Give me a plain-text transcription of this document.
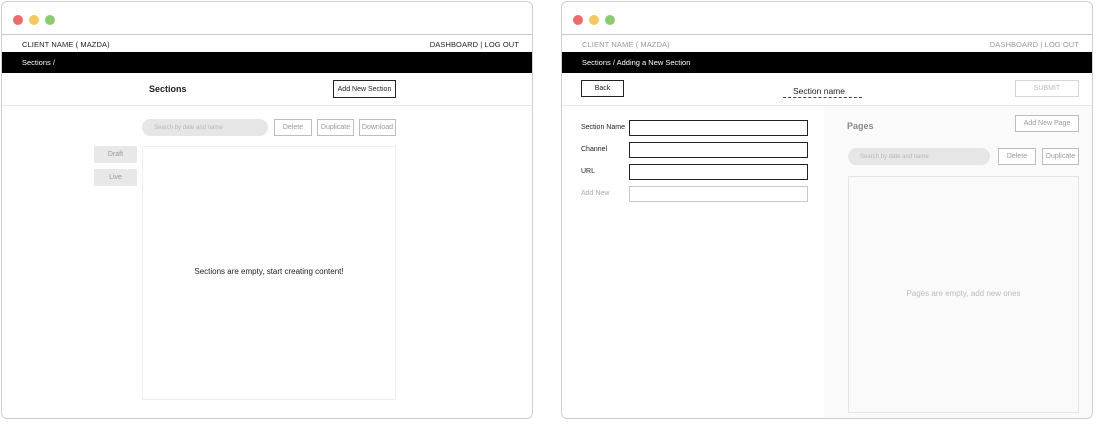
CLIENT NAME ( MAZDA)	DASHBOARD | LOG OUT
Sections /
Sections	Add New Section
Search by date and name	Delete	Duplicate	Download
Draft
Live
Sections are empty, start creating content!
CLIENT NAME ( MAZDA)	DASHBOARD | LOG OUT
Sections / Adding a New Section
Back	Section name	SUBMIT
Section Name
Channel
URL
Add New
Pages	Add New Page
Search by date and name	Delete	Duplicate
Pages are empty, add new ones
